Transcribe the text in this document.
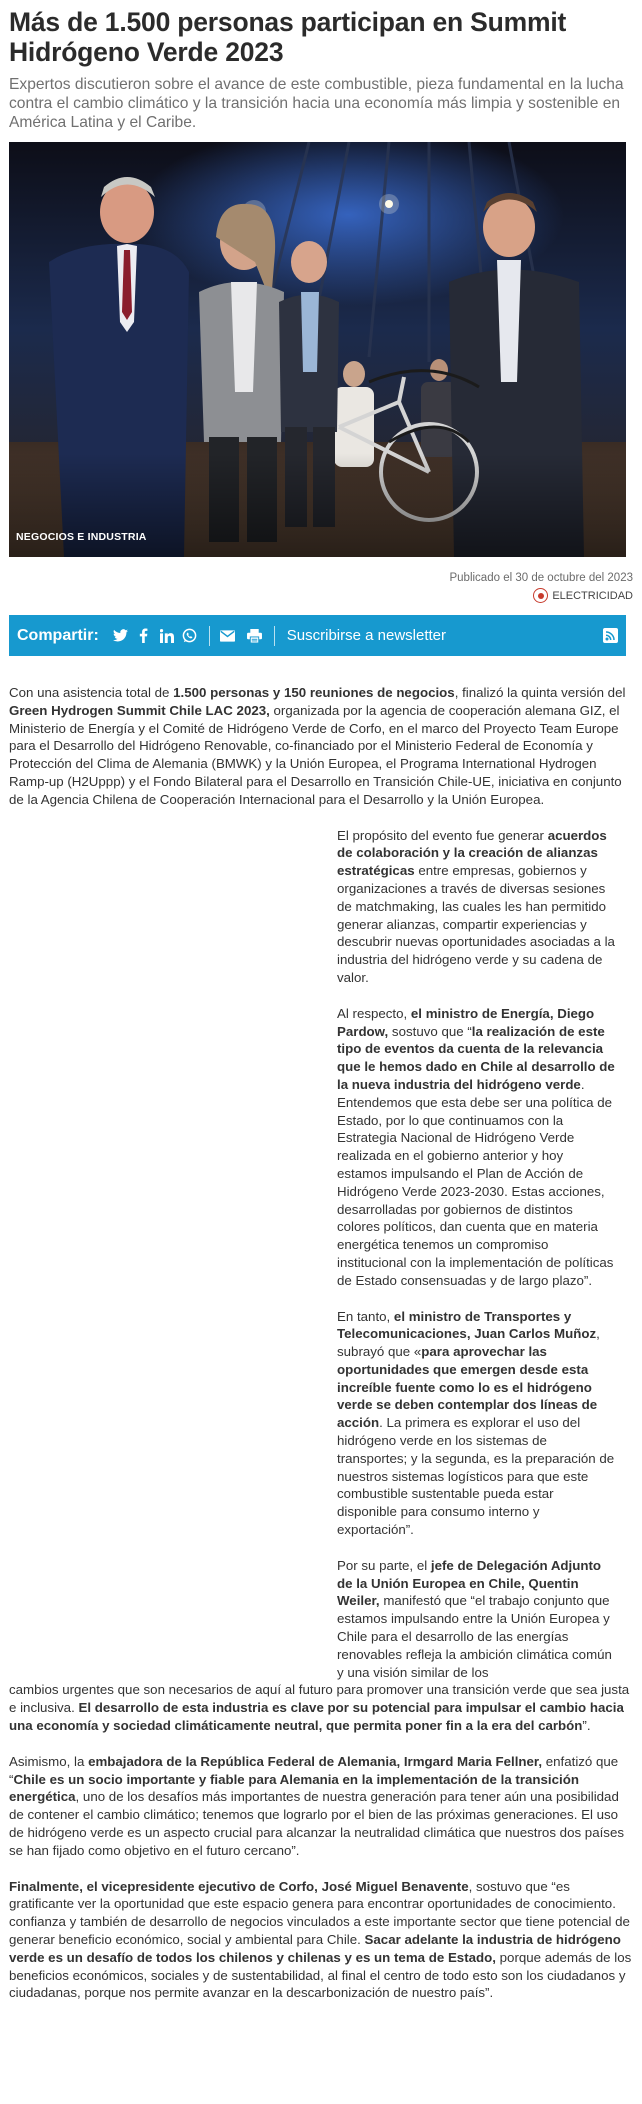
Más de 1.500 personas participan en Summit Hidrógeno Verde 2023

Expertos discutieron sobre el avance de este combustible, pieza fundamental en la lucha contra el cambio climático y la transición hacia una economía más limpia y sostenible en América Latina y el Caribe.

NEGOCIOS E INDUSTRIA
Publicado el 30 de octubre del 2023
ELECTRICIDAD
Compartir:	Suscribirse a newsletter

Con una asistencia total de 1.500 personas y 150 reuniones de negocios, finalizó la quinta versión del Green Hydrogen Summit Chile LAC 2023, organizada por la agencia de cooperación alemana GIZ, el Ministerio de Energía y el Comité de Hidrógeno Verde de Corfo, en el marco del Proyecto Team Europe para el Desarrollo del Hidrógeno Renovable, co-financiado por el Ministerio Federal de Economía y Protección del Clima de Alemania (BMWK) y la Unión Europea, el Programa International Hydrogen Ramp-up (H2Uppp) y el Fondo Bilateral para el Desarrollo en Transición Chile-UE, iniciativa en conjunto de la Agencia Chilena de Cooperación Internacional para el Desarrollo y la Unión Europea.

El propósito del evento fue generar acuerdos de colaboración y la creación de alianzas estratégicas entre empresas, gobiernos y organizaciones a través de diversas sesiones de matchmaking, las cuales les han permitido generar alianzas, compartir experiencias y descubrir nuevas oportunidades asociadas a la industria del hidrógeno verde y su cadena de valor.

Al respecto, el ministro de Energía, Diego Pardow, sostuvo que “la realización de este tipo de eventos da cuenta de la relevancia que le hemos dado en Chile al desarrollo de la nueva industria del hidrógeno verde. Entendemos que esta debe ser una política de Estado, por lo que continuamos con la Estrategia Nacional de Hidrógeno Verde realizada en el gobierno anterior y hoy estamos impulsando el Plan de Acción de Hidrógeno Verde 2023-2030. Estas acciones, desarrolladas por gobiernos de distintos colores políticos, dan cuenta que en materia energética tenemos un compromiso institucional con la implementación de políticas de Estado consensuadas y de largo plazo”.

En tanto, el ministro de Transportes y Telecomunicaciones, Juan Carlos Muñoz, subrayó que «para aprovechar las oportunidades que emergen desde esta increíble fuente como lo es el hidrógeno verde se deben contemplar dos líneas de acción. La primera es explorar el uso del hidrógeno verde en los sistemas de transportes; y la segunda, es la preparación de nuestros sistemas logísticos para que este combustible sustentable pueda estar disponible para consumo interno y exportación”.

Por su parte, el jefe de Delegación Adjunto de la Unión Europea en Chile, Quentin Weiler, manifestó que “el trabajo conjunto que estamos impulsando entre la Unión Europea y Chile para el desarrollo de las energías renovables refleja la ambición climática común y una visión similar de los

cambios urgentes que son necesarios de aquí al futuro para promover una transición verde que sea justa e inclusiva. El desarrollo de esta industria es clave por su potencial para impulsar el cambio hacia una economía y sociedad climáticamente neutral, que permita poner fin a la era del carbón”.

Asimismo, la embajadora de la República Federal de Alemania, Irmgard Maria Fellner, enfatizó que “Chile es un socio importante y fiable para Alemania en la implementación de la transición energética, uno de los desafíos más importantes de nuestra generación para tener aún una posibilidad de contener el cambio climático; tenemos que lograrlo por el bien de las próximas generaciones. El uso de hidrógeno verde es un aspecto crucial para alcanzar la neutralidad climática que nuestros dos países se han fijado como objetivo en el futuro cercano”.

Finalmente, el vicepresidente ejecutivo de Corfo, José Miguel Benavente, sostuvo que “es gratificante ver la oportunidad que este espacio genera para encontrar oportunidades de conocimiento. confianza y también de desarrollo de negocios vinculados a este importante sector que tiene potencial de generar beneficio económico, social y ambiental para Chile. Sacar adelante la industria de hidrógeno verde es un desafío de todos los chilenos y chilenas y es un tema de Estado, porque además de los beneficios económicos, sociales y de sustentabilidad, al final el centro de todo esto son los ciudadanos y ciudadanas, porque nos permite avanzar en la descarbonización de nuestro país”.
